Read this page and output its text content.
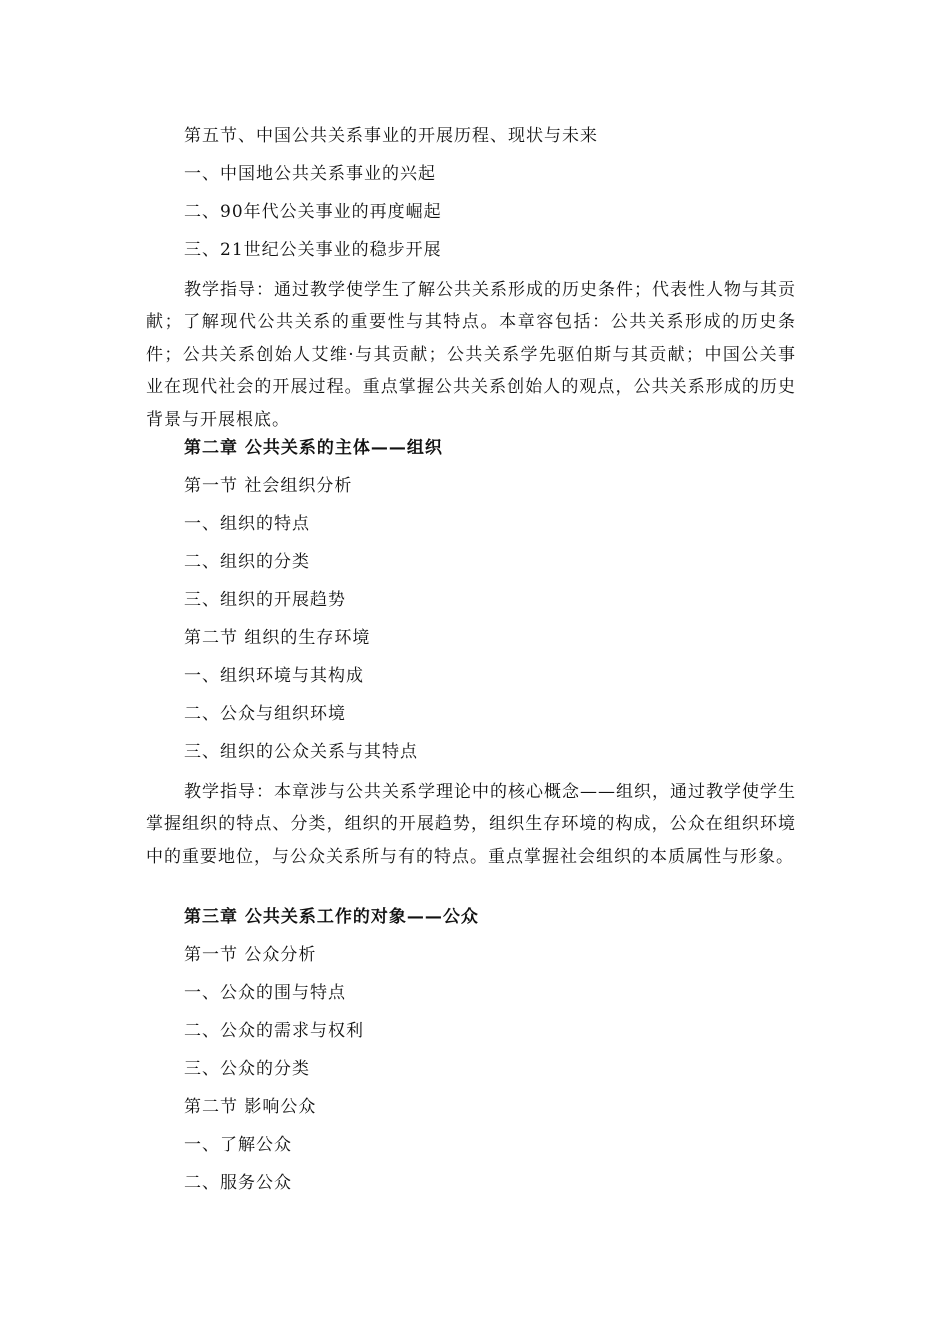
第五节、中国公共关系事业的开展历程、现状与未来
一、中国地公共关系事业的兴起
二、90年代公关事业的再度崛起
三、21世纪公关事业的稳步开展
教学指导：通过教学使学生了解公共关系形成的历史条件；代表性人物与其贡献；了解现代公共关系的重要性与其特点。本章容包括：公共关系形成的历史条件；公共关系创始人艾维·与其贡献；公共关系学先驱伯斯与其贡献；中国公关事业在现代社会的开展过程。重点掌握公共关系创始人的观点，公共关系形成的历史背景与开展根底。
第二章 公共关系的主体——组织
第一节 社会组织分析
一、组织的特点
二、组织的分类
三、组织的开展趋势
第二节 组织的生存环境
一、组织环境与其构成
二、公众与组织环境
三、组织的公众关系与其特点
教学指导：本章涉与公共关系学理论中的核心概念——组织，通过教学使学生掌握组织的特点、分类，组织的开展趋势，组织生存环境的构成，公众在组织环境中的重要地位，与公众关系所与有的特点。重点掌握社会组织的本质属性与形象。
第三章 公共关系工作的对象——公众
第一节 公众分析
一、公众的围与特点
二、公众的需求与权利
三、公众的分类
第二节 影响公众
一、了解公众
二、服务公众
